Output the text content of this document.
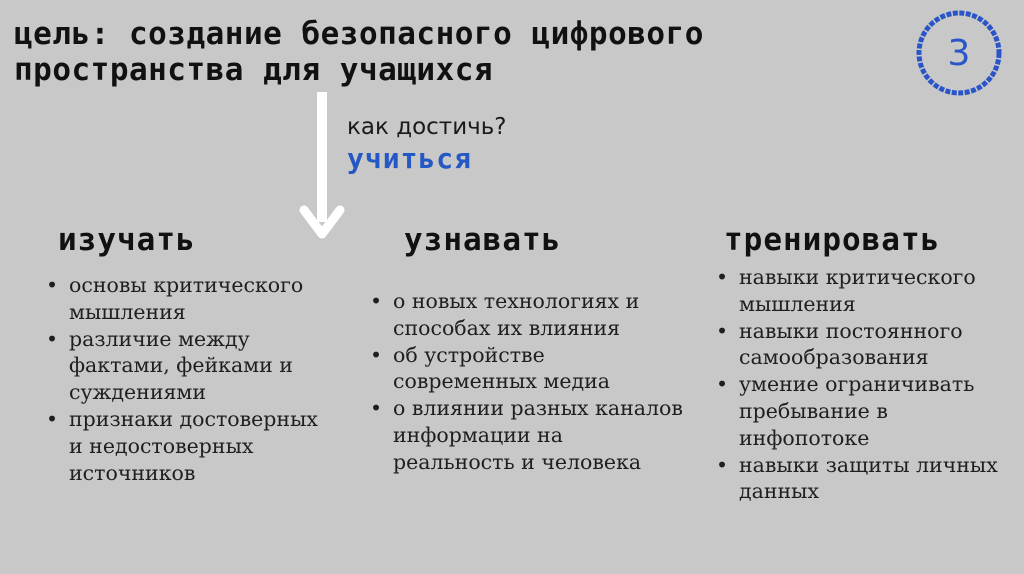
цель: создание безопасного цифрового
пространства для учащихся	3
как достичь?
учиться
изучать	узнавать	тренировать
• основы критического мышления
• различие между фактами, фейками и суждениями
• признаки достоверных и недостоверных источников
• о новых технологиях и способах их влияния
• об устройстве современных медиа
• о влиянии разных каналов информации на реальность и человека
• навыки критического мышления
• навыки постоянного самообразования
• умение ограничивать пребывание в инфопотоке
• навыки защиты личных данных
